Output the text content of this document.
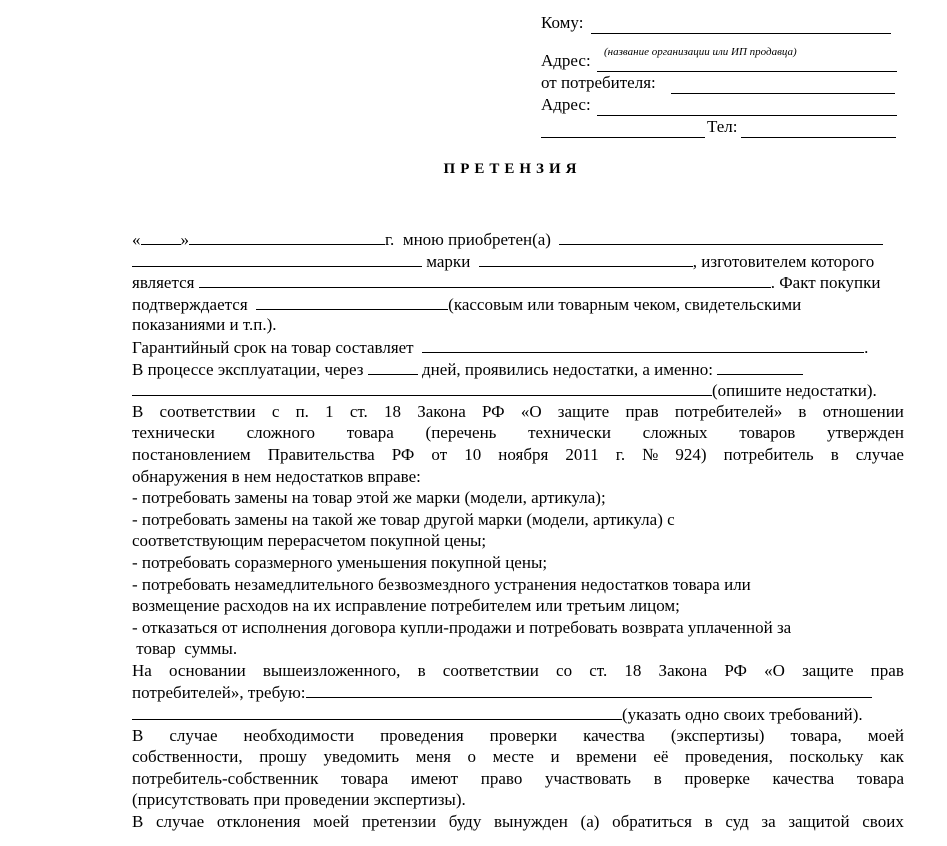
Кому:
(название организации или ИП продавца)
Адрес:
от потребителя:
Адрес:
Тел:
ПРЕТЕНЗИЯ
« »	г. мною приобретен(а)
марки	, изготовителем которого
является	. Факт покупки
подтверждается	(кассовым или товарным чеком, свидетельскими
показаниями и т.п.).
Гарантийный срок на товар составляет	.
В процессе эксплуатации, через	дней, проявились недостатки, а именно:
(опишите недостатки).
В соответствии с п. 1 ст. 18 Закона РФ «О защите прав потребителей» в отношении
технически сложного товара (перечень технически сложных товаров утвержден
постановлением Правительства РФ от 10 ноября 2011 г. № 924) потребитель в случае
обнаружения в нем недостатков вправе:
- потребовать замены на товар этой же марки (модели, артикула);
- потребовать замены на такой же товар другой марки (модели, артикула) с
соответствующим перерасчетом покупной цены;
- потребовать соразмерного уменьшения покупной цены;
- потребовать незамедлительного безвозмездного устранения недостатков товара или
возмещение расходов на их исправление потребителем или третьим лицом;
- отказаться от исполнения договора купли-продажи и потребовать возврата уплаченной за
товар  суммы.
На основании вышеизложенного, в соответствии со ст. 18 Закона РФ «О защите прав
потребителей», требую:
(указать одно своих требований).
В случае необходимости проведения проверки качества (экспертизы) товара, моей
собственности, прошу уведомить меня о месте и времени её проведения, поскольку как
потребитель-собственник товара имеют право участвовать в проверке качества товара
(присутствовать при проведении экспертизы).
В случае отклонения моей претензии буду вынужден (а) обратиться в суд за защитой своих
